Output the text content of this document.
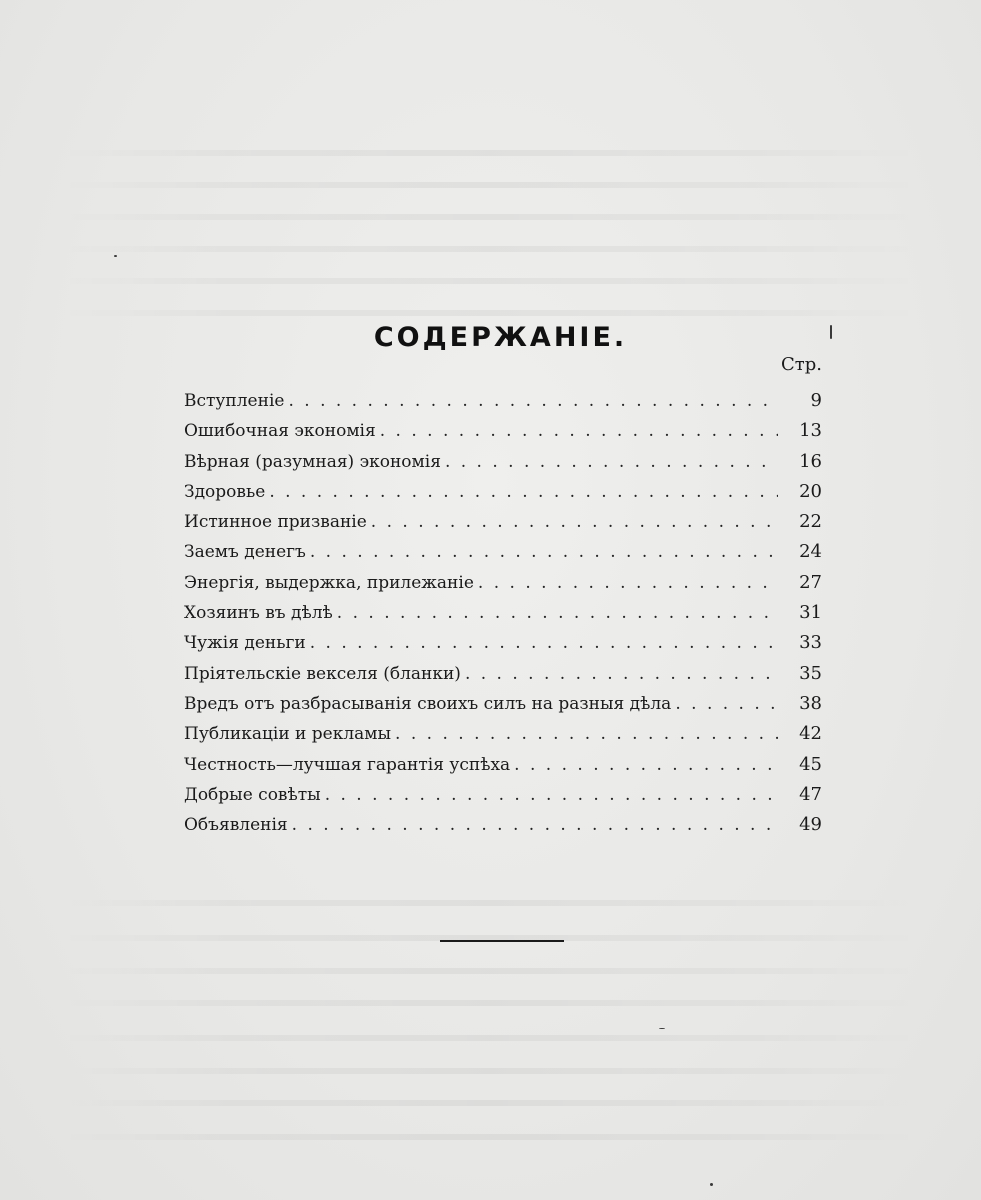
СОДЕРЖАНІЕ.
Стр.
Вступленіе . . .	9
Ошибочная экономія . . .	13
Вѣрная (разумная) экономія . . .	16
Здоровье . . .	20
Истинное призваніе . . .	22
Заемъ денегъ . . .	24
Энергія, выдержка, прилежаніе . . .	27
Хозяинъ въ дѣлѣ . . .	31
Чужія деньги . . .	33
Пріятельскіе векселя (бланки) . . .	35
Вредъ отъ разбрасыванія своихъ силъ на разныя дѣла . . .	38
Публикаціи и рекламы . . .	42
Честность—лучшая гарантія успѣха . . .	45
Добрые совѣты . . .	47
Объявленія . . .	49
